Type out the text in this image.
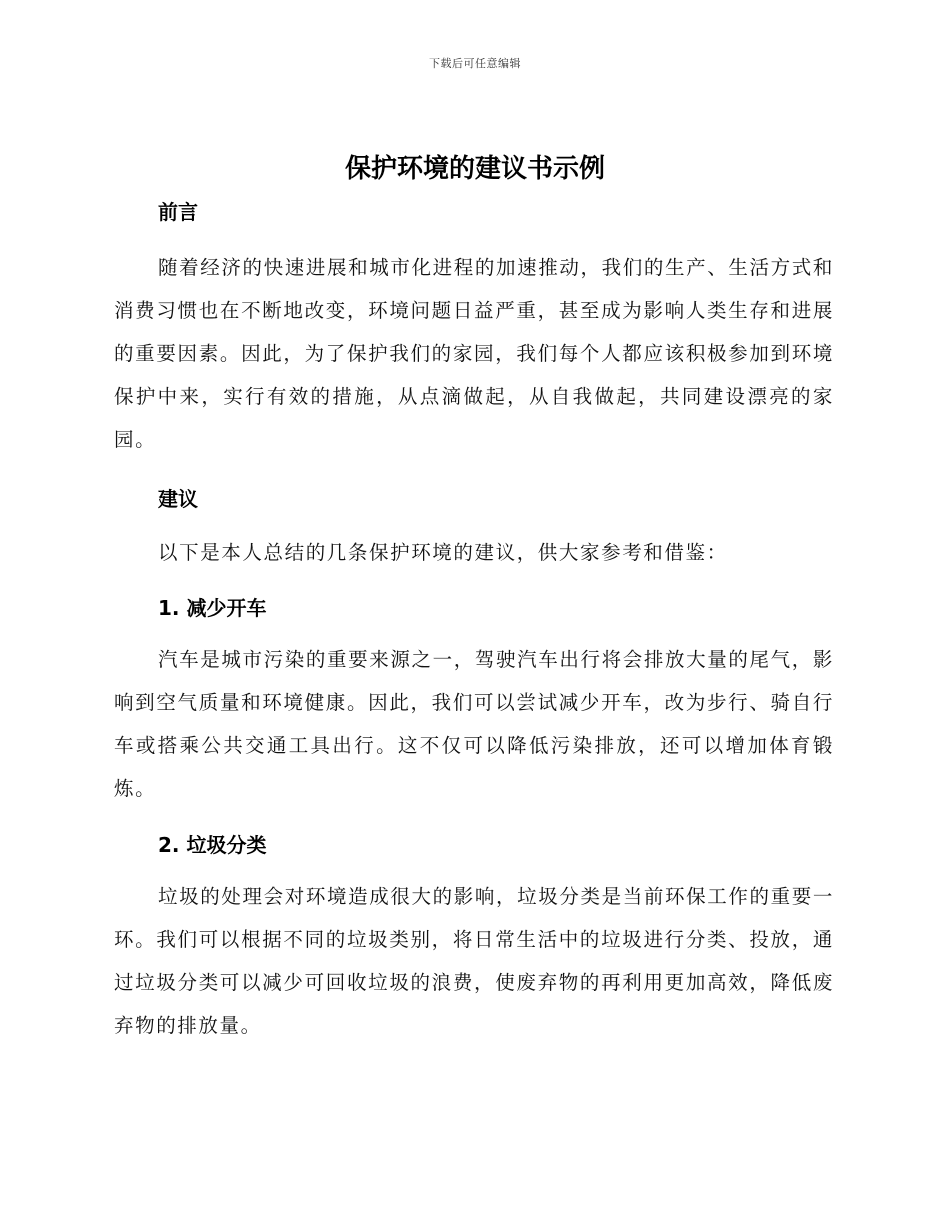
下载后可任意编辑
保护环境的建议书示例
前言

随着经济的快速进展和城市化进程的加速推动，我们的生产、生活方式和消费习惯也在不断地改变，环境问题日益严重，甚至成为影响人类生存和进展的重要因素。因此，为了保护我们的家园，我们每个人都应该积极参加到环境保护中来，实行有效的措施，从点滴做起，从自我做起，共同建设漂亮的家园。

建议

以下是本人总结的几条保护环境的建议，供大家参考和借鉴：

1. 减少开车

汽车是城市污染的重要来源之一，驾驶汽车出行将会排放大量的尾气，影响到空气质量和环境健康。因此，我们可以尝试减少开车，改为步行、骑自行车或搭乘公共交通工具出行。这不仅可以降低污染排放，还可以增加体育锻炼。

2. 垃圾分类

垃圾的处理会对环境造成很大的影响，垃圾分类是当前环保工作的重要一环。我们可以根据不同的垃圾类别，将日常生活中的垃圾进行分类、投放，通过垃圾分类可以减少可回收垃圾的浪费，使废弃物的再利用更加高效，降低废弃物的排放量。
